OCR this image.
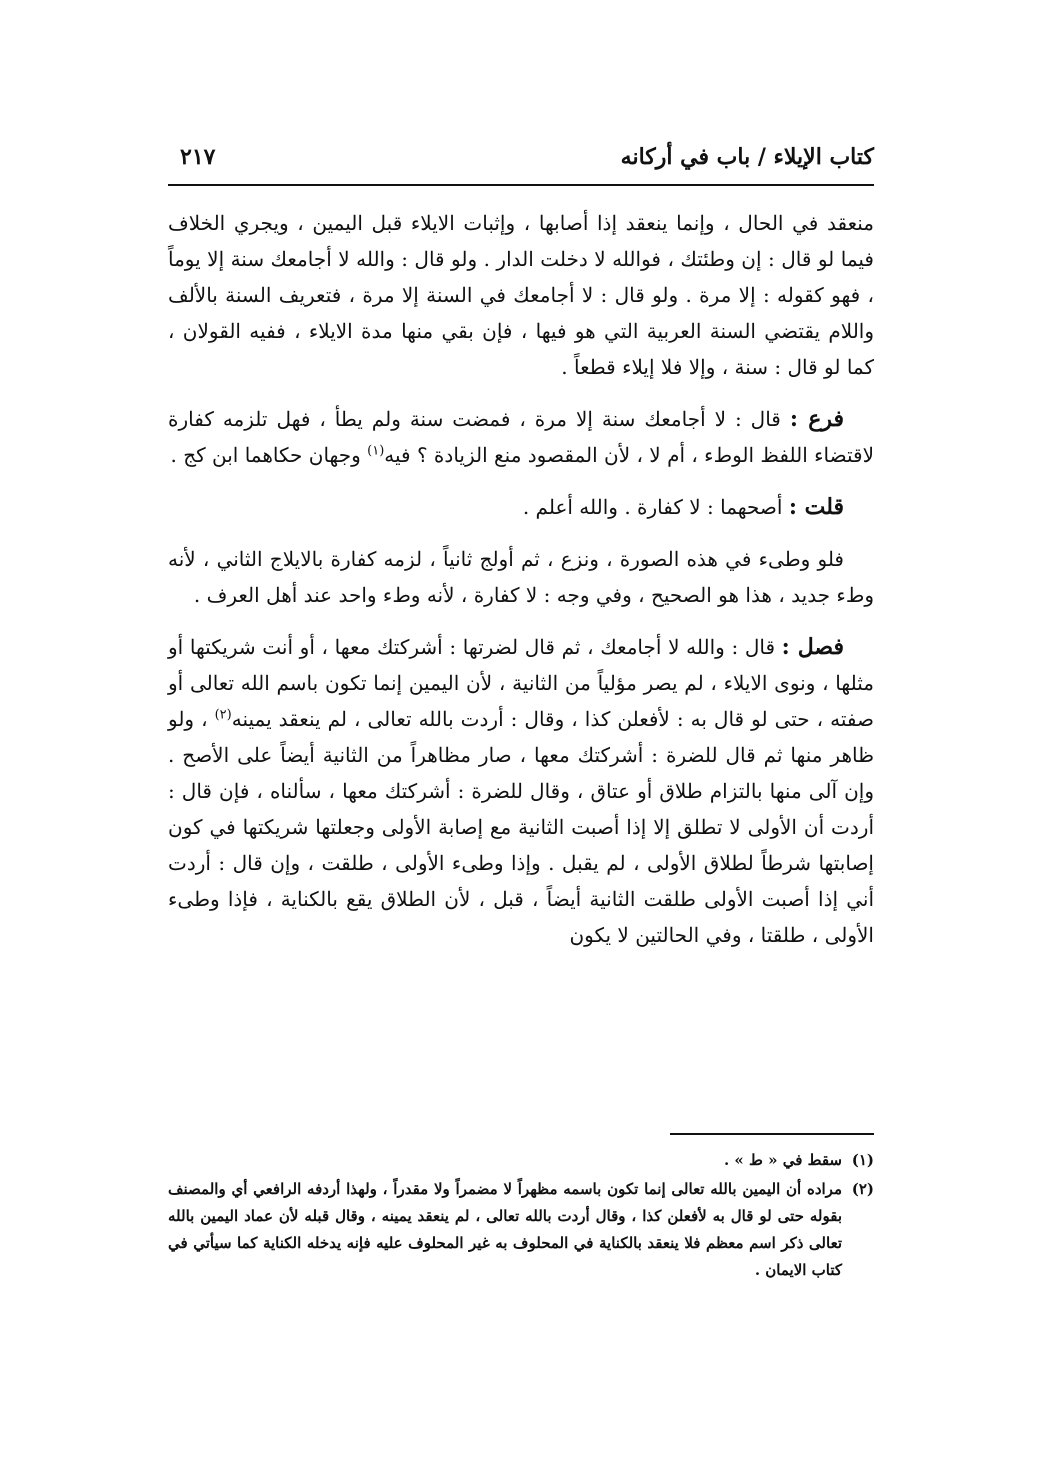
كتاب الإيلاء / باب في أركانه
٢١٧

منعقد في الحال ، وإنما ينعقد إذا أصابها ، وإثبات الايلاء قبل اليمين ، ويجري الخلاف فيما لو قال : إن وطئتك ، فوالله لا دخلت الدار . ولو قال : والله لا أجامعك سنة إلا يوماً ، فهو كقوله : إلا مرة . ولو قال : لا أجامعك في السنة إلا مرة ، فتعريف السنة بالألف واللام يقتضي السنة العربية التي هو فيها ، فإن بقي منها مدة الايلاء ، ففيه القولان ، كما لو قال : سنة ، وإلا فلا إيلاء قطعاً .

فرع : قال : لا أجامعك سنة إلا مرة ، فمضت سنة ولم يطأ ، فهل تلزمه كفارة لاقتضاء اللفظ الوطء ، أم لا ، لأن المقصود منع الزيادة ؟ فيه$^{(١)}$ وجهان حكاهما ابن كج .

قلت : أصحهما : لا كفارة . والله أعلم .

فلو وطىء في هذه الصورة ، ونزع ، ثم أولج ثانياً ، لزمه كفارة بالايلاج الثاني ، لأنه وطء جديد ، هذا هو الصحيح ، وفي وجه : لا كفارة ، لأنه وطء واحد عند أهل العرف .

فصل : قال : والله لا أجامعك ، ثم قال لضرتها : أشركتك معها ، أو أنت شريكتها أو مثلها ، ونوى الايلاء ، لم يصر مؤلياً من الثانية ، لأن اليمين إنما تكون باسم الله تعالى أو صفته ، حتى لو قال به : لأفعلن كذا ، وقال : أردت بالله تعالى ، لم ينعقد يمينه$^{(٢)}$ ، ولو ظاهر منها ثم قال للضرة : أشركتك معها ، صار مظاهراً من الثانية أيضاً على الأصح . وإن آلى منها بالتزام طلاق أو عتاق ، وقال للضرة : أشركتك معها ، سألناه ، فإن قال : أردت أن الأولى لا تطلق إلا إذا أصبت الثانية مع إصابة الأولى وجعلتها شريكتها في كون إصابتها شرطاً لطلاق الأولى ، لم يقبل . وإذا وطىء الأولى ، طلقت ، وإن قال : أردت أني إذا أصبت الأولى طلقت الثانية أيضاً ، قبل ، لأن الطلاق يقع بالكناية ، فإذا وطىء الأولى ، طلقتا ، وفي الحالتين لا يكون

(١)
سقط في « ط » .
(٢)
مراده أن اليمين بالله تعالى إنما تكون باسمه مظهراً لا مضمراً ولا مقدراً ، ولهذا أردفه الرافعي أي والمصنف بقوله حتى لو قال به لأفعلن كذا ، وقال أردت بالله تعالى ، لم ينعقد يمينه ، وقال قبله لأن عماد اليمين بالله تعالى ذكر اسم معظم فلا ينعقد بالكناية في المحلوف به غير المحلوف عليه فإنه يدخله الكناية كما سيأتي في كتاب الايمان .
